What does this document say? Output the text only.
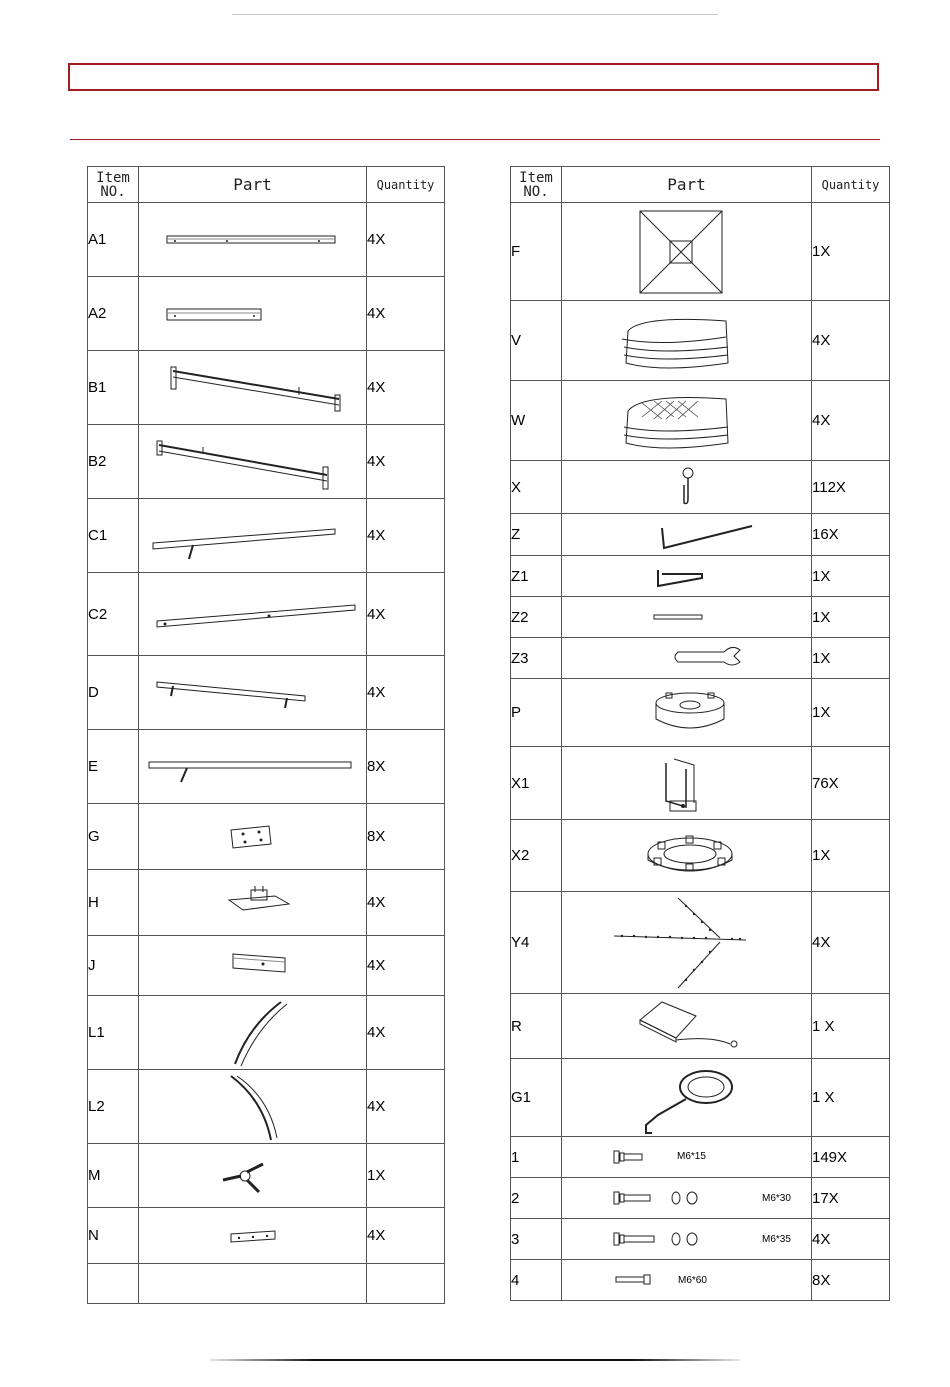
Item
NO.	Part	Quantity
A1		4X
A2		4X
B1		4X
B2		4X
C1		4X
C2		4X
D		4X
E		8X
G		8X
H		4X
J		4X
L1		4X
L2		4X
M		1X
N		4X

Item
NO.	Part	Quantity
F		1X
V		4X
W		4X
X		112X
Z		16X
Z1		1X
Z2		1X
Z3		1X
P		1X
X1		76X
X2		1X
Y4		4X
R		1 X
G1		1 X
1	M6*15	149X
2	M6*30	17X
3	M6*35	4X
4	M6*60	8X
